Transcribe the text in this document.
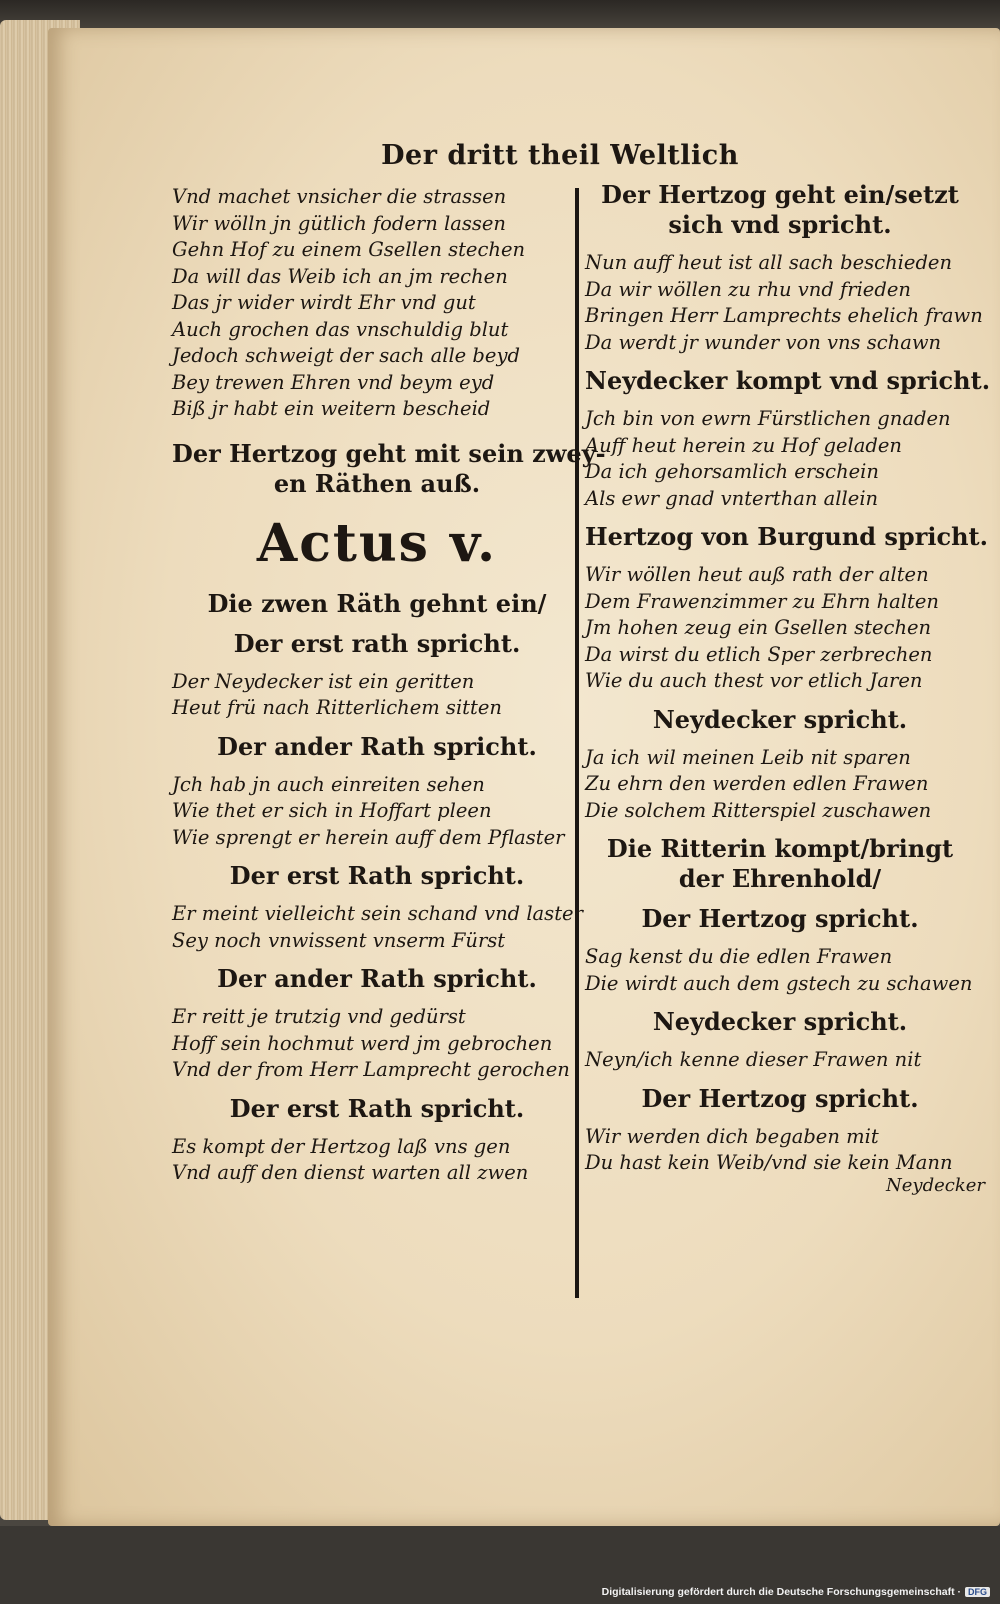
Der dritt theil Weltlich
Vnd machet vnsicher die strassen
Wir wölln jn gütlich fodern lassen
Gehn Hof zu einem Gsellen stechen
Da will das Weib ich an jm rechen
Das jr wider wirdt Ehr vnd gut
Auch grochen das vnschuldig blut
Jedoch schweigt der sach alle beyd
Bey trewen Ehren vnd beym eyd
Biß jr habt ein weitern bescheid
Der Hertzog geht mit sein zwey-
en Räthen auß.
Actus v.
Die zwen Räth gehnt ein/
Der erst rath spricht.
Der Neydecker ist ein geritten
Heut frü nach Ritterlichem sitten
Der ander Rath spricht.
Jch hab jn auch einreiten sehen
Wie thet er sich in Hoffart pleen
Wie sprengt er herein auff dem Pflaster
Der erst Rath spricht.
Er meint vielleicht sein schand vnd laster
Sey noch vnwissent vnserm Fürst
Der ander Rath spricht.
Er reitt je trutzig vnd gedürst
Hoff sein hochmut werd jm gebrochen
Vnd der from Herr Lamprecht gerochen
Der erst Rath spricht.
Es kompt der Hertzog laß vns gen
Vnd auff den dienst warten all zwen
Der Hertzog geht ein/setzt
sich vnd spricht.
Nun auff heut ist all sach beschieden
Da wir wöllen zu rhu vnd frieden
Bringen Herr Lamprechts ehelich frawn
Da werdt jr wunder von vns schawn
Neydecker kompt vnd spricht.
Jch bin von ewrn Fürstlichen gnaden
Auff heut herein zu Hof geladen
Da ich gehorsamlich erschein
Als ewr gnad vnterthan allein
Hertzog von Burgund spricht.
Wir wöllen heut auß rath der alten
Dem Frawenzimmer zu Ehrn halten
Jm hohen zeug ein Gsellen stechen
Da wirst du etlich Sper zerbrechen
Wie du auch thest vor etlich Jaren
Neydecker spricht.
Ja ich wil meinen Leib nit sparen
Zu ehrn den werden edlen Frawen
Die solchem Ritterspiel zuschawen
Die Ritterin kompt/bringt
der Ehrenhold/
Der Hertzog spricht.
Sag kenst du die edlen Frawen
Die wirdt auch dem gstech zu schawen
Neydecker spricht.
Neyn/ich kenne dieser Frawen nit
Der Hertzog spricht.
Wir werden dich begaben mit
Du hast kein Weib/vnd sie kein Mann
Neydecker
Digitalisierung gefördert durch die Deutsche Forschungsgemeinschaft · DFG
